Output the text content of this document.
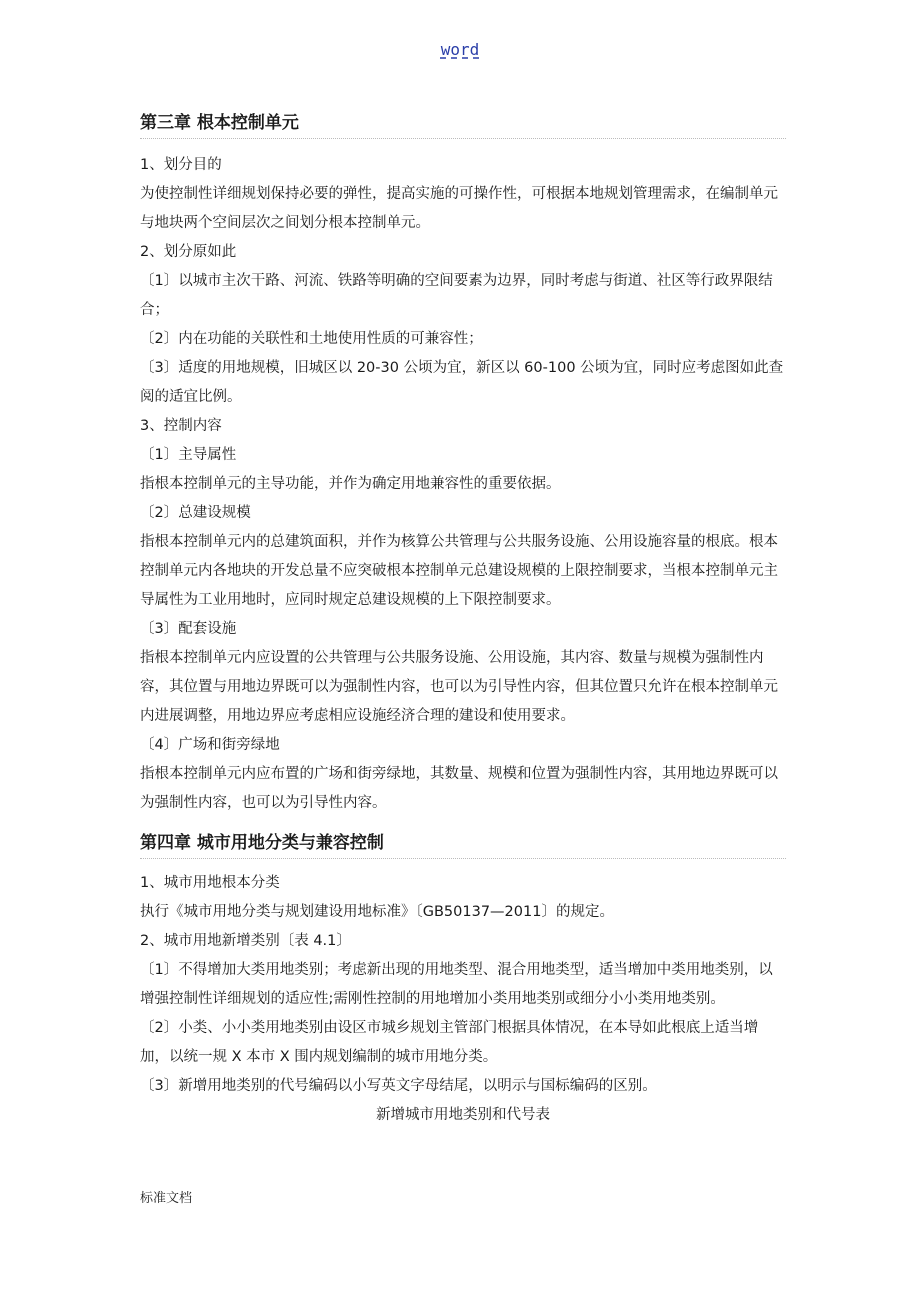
word
第三章 根本控制单元

1、划分目的

为使控制性详细规划保持必要的弹性，提高实施的可操作性，可根据本地规划管理需求，在编制单元与地块两个空间层次之间划分根本控制单元。

2、划分原如此

〔1〕以城市主次干路、河流、铁路等明确的空间要素为边界，同时考虑与街道、社区等行政界限结合；

〔2〕内在功能的关联性和土地使用性质的可兼容性；

〔3〕适度的用地规模，旧城区以 20-30 公顷为宜，新区以 60-100 公顷为宜，同时应考虑图如此查阅的适宜比例。

3、控制内容

〔1〕主导属性

指根本控制单元的主导功能，并作为确定用地兼容性的重要依据。

〔2〕总建设规模

指根本控制单元内的总建筑面积，并作为核算公共管理与公共服务设施、公用设施容量的根底。根本控制单元内各地块的开发总量不应突破根本控制单元总建设规模的上限控制要求，当根本控制单元主导属性为工业用地时，应同时规定总建设规模的上下限控制要求。

〔3〕配套设施

指根本控制单元内应设置的公共管理与公共服务设施、公用设施，其内容、数量与规模为强制性内容，其位置与用地边界既可以为强制性内容，也可以为引导性内容，但其位置只允许在根本控制单元内进展调整，用地边界应考虑相应设施经济合理的建设和使用要求。

〔4〕广场和街旁绿地

指根本控制单元内应布置的广场和街旁绿地，其数量、规模和位置为强制性内容，其用地边界既可以为强制性内容，也可以为引导性内容。

第四章 城市用地分类与兼容控制

1、城市用地根本分类

执行《城市用地分类与规划建设用地标准》〔GB50137—2011〕的规定。

2、城市用地新增类别〔表 4.1〕

〔1〕不得增加大类用地类别；考虑新出现的用地类型、混合用地类型，适当增加中类用地类别，以增强控制性详细规划的适应性;需刚性控制的用地增加小类用地类别或细分小小类用地类别。

〔2〕小类、小小类用地类别由设区市城乡规划主管部门根据具体情况，在本导如此根底上适当增加，以统一规 X 本市 X 围内规划编制的城市用地分类。

〔3〕新增用地类别的代号编码以小写英文字母结尾，以明示与国标编码的区别。

新增城市用地类别和代号表

标准文档
